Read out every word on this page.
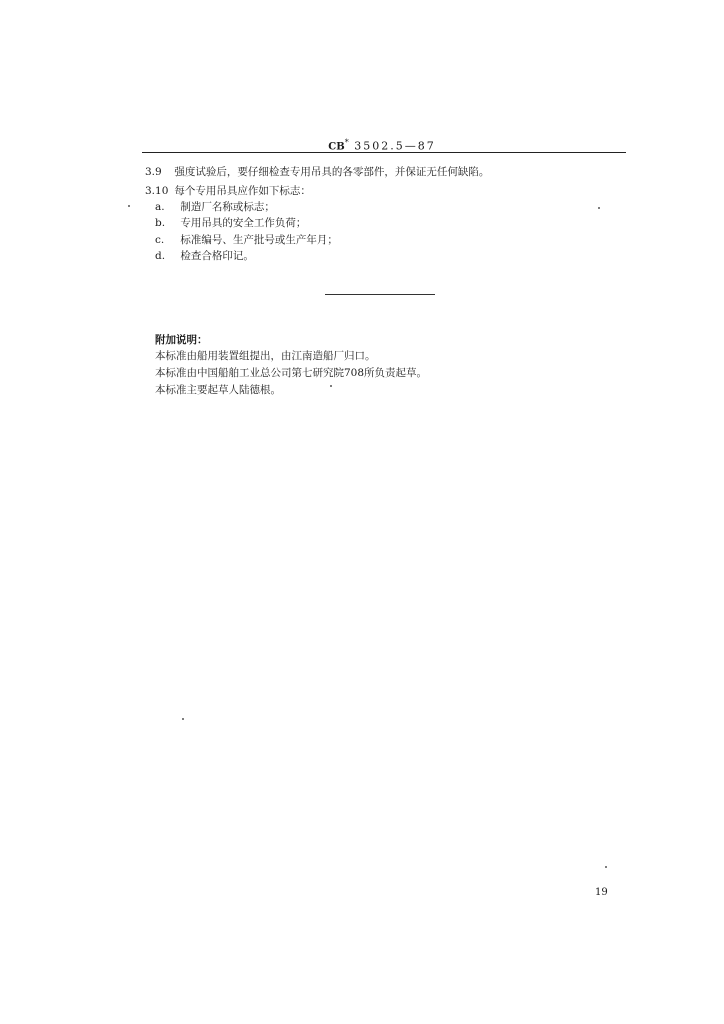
CB* 3502.5—87
3.9 强度试验后，要仔细检查专用吊具的各零部件，并保证无任何缺陷。
3.10 每个专用吊具应作如下标志：
a. 制造厂名称或标志；
b. 专用吊具的安全工作负荷；
c. 标准编号、生产批号或生产年月；
d. 检查合格印记。
附加说明：
本标准由船用装置组提出，由江南造船厂归口。
本标准由中国船舶工业总公司第七研究院708所负责起草。
本标准主要起草人陆德根。
19
